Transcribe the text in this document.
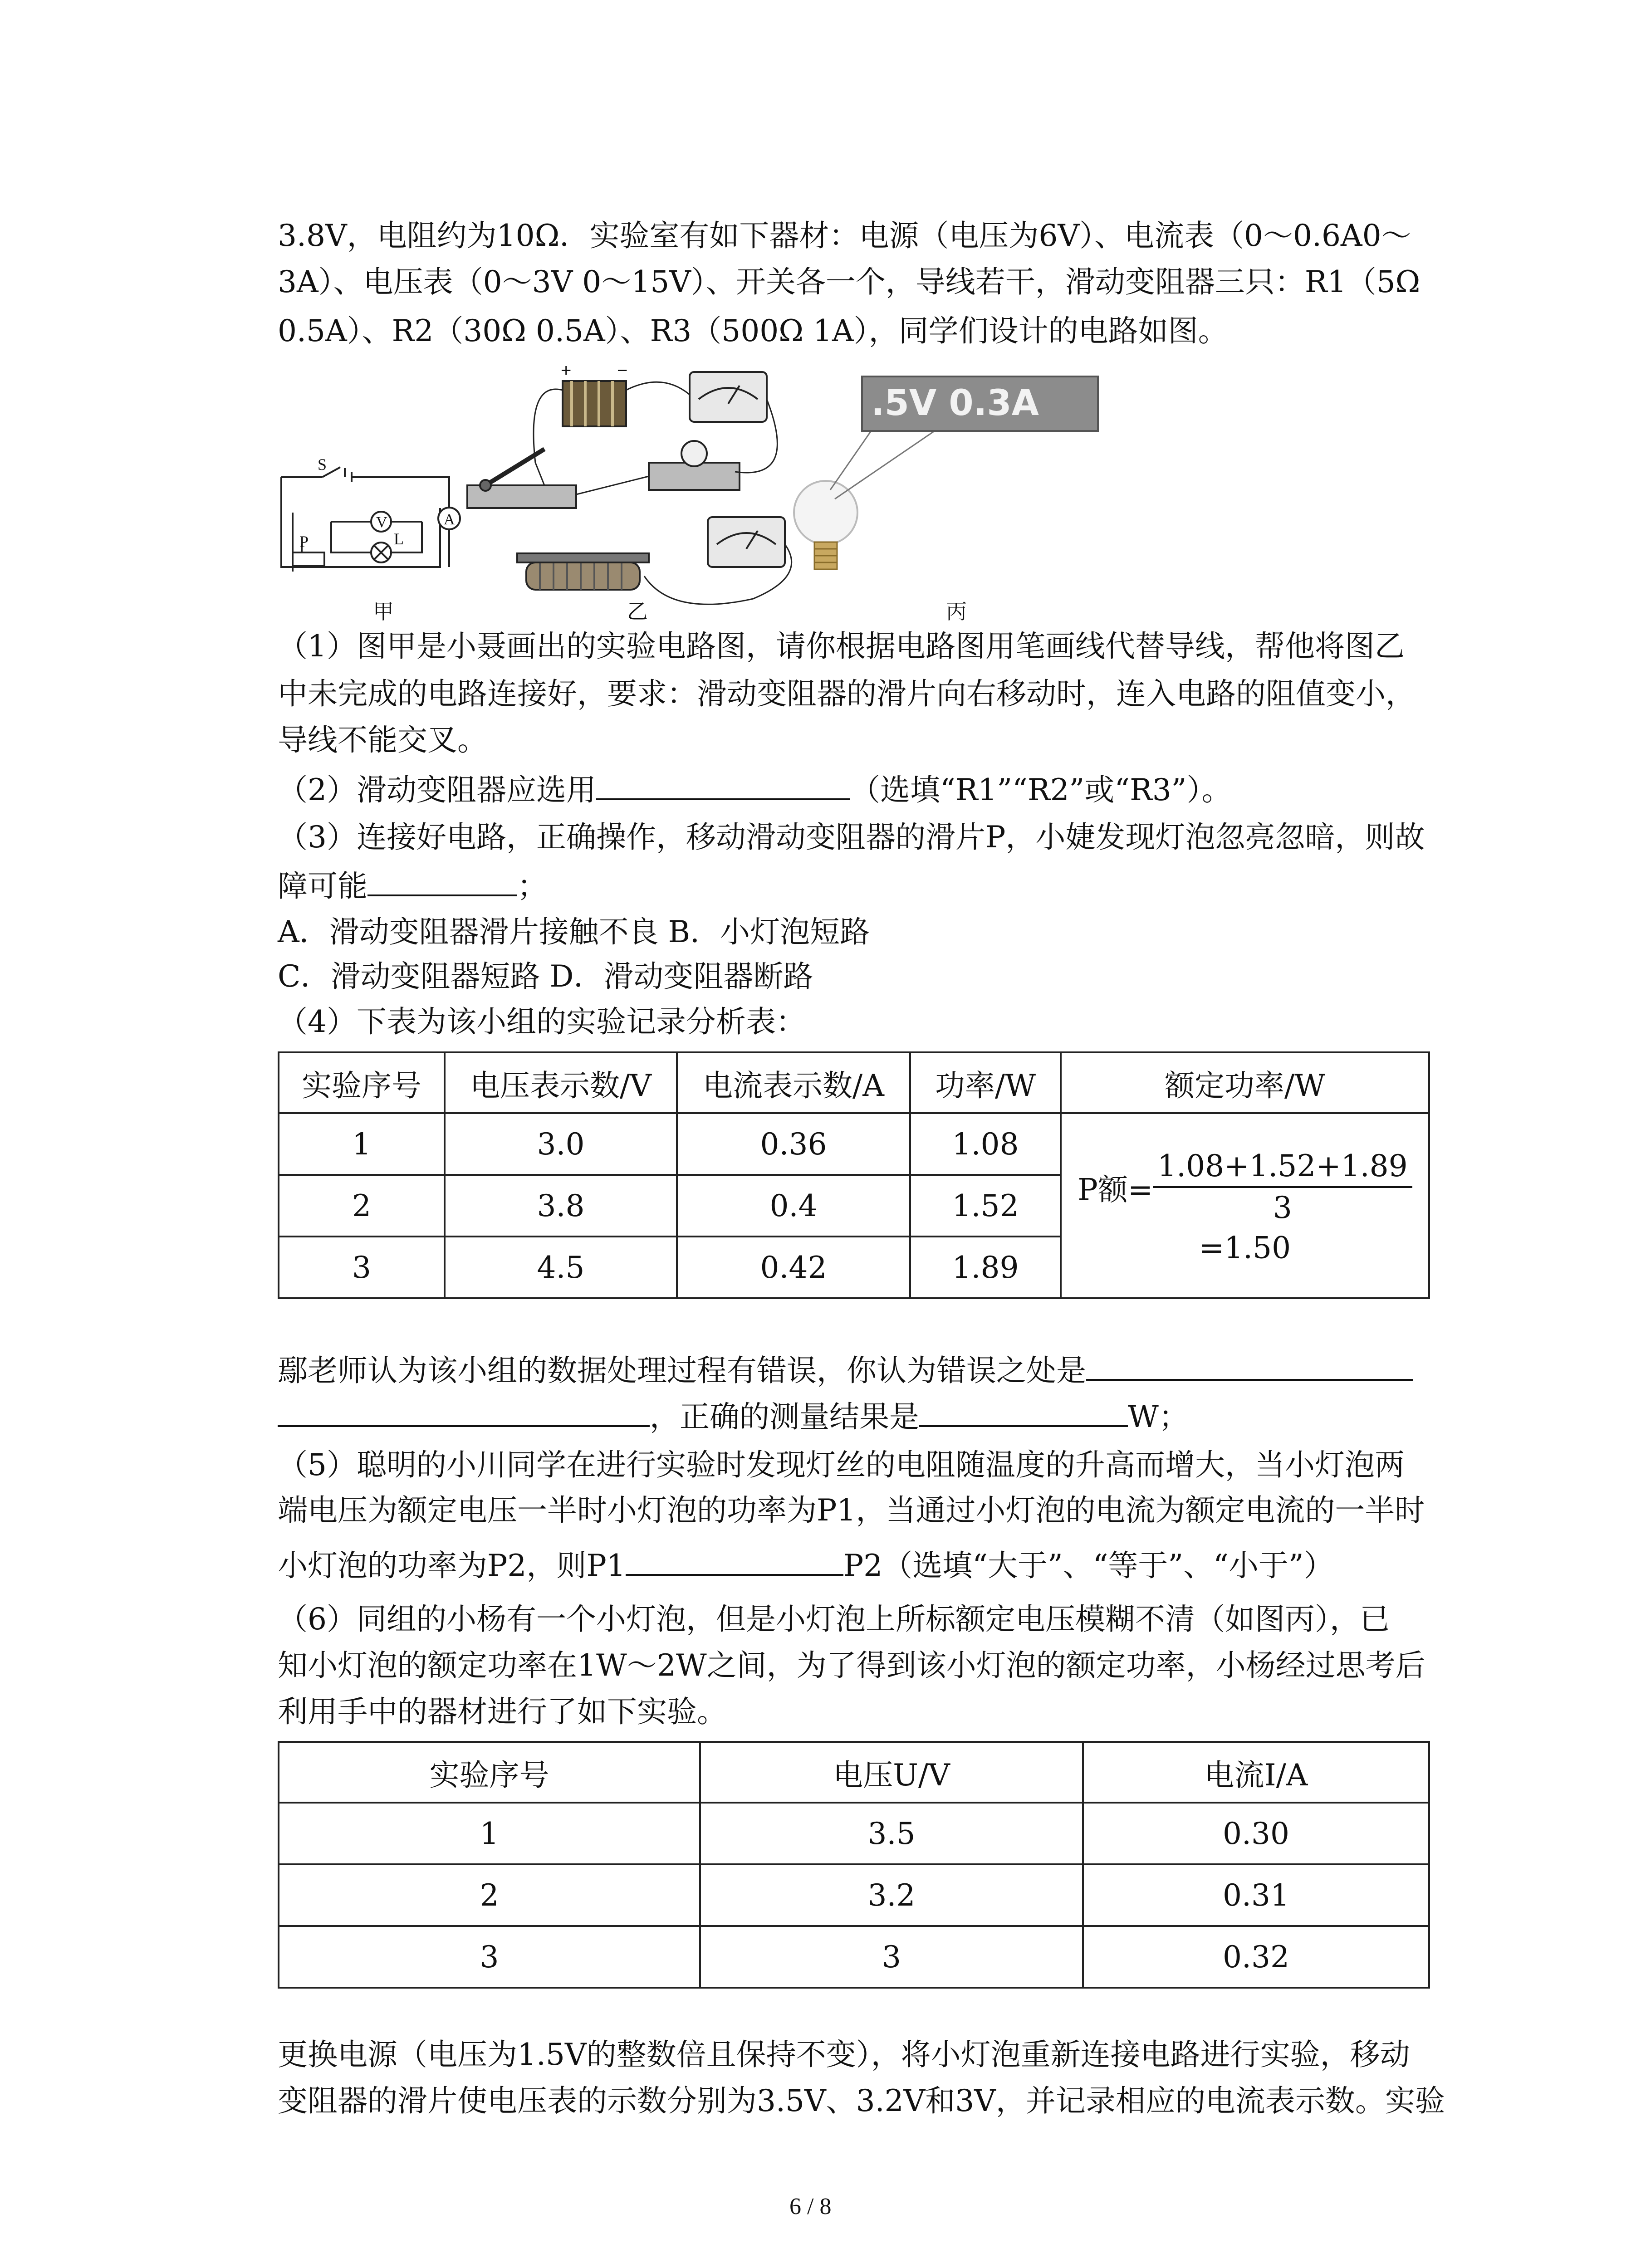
3.8V，电阻约为10Ω．实验室有如下器材：电源（电压为6V）、电流表（0～0.6A0～
3A）、电压表（0～3V 0～15V）、开关各一个，导线若干，滑动变阻器三只：R1（5Ω
0.5A）、R2（30Ω 0.5A）、R3（500Ω 1A），同学们设计的电路如图。
S
P	L
V	A
+	−
.5V 0.3A
甲	乙	丙
（1）图甲是小聂画出的实验电路图，请你根据电路图用笔画线代替导线，帮他将图乙
中未完成的电路连接好，要求：滑动变阻器的滑片向右移动时，连入电路的阻值变小，
导线不能交叉。
（2）滑动变阻器应选用	（选填“R1”“R2”或“R3”）。
（3）连接好电路，正确操作，移动滑动变阻器的滑片P，小婕发现灯泡忽亮忽暗，则故
障可能	；
A．滑动变阻器滑片接触不良 B．小灯泡短路
C．滑动变阻器短路 D．滑动变阻器断路
（4）下表为该小组的实验记录分析表：
实验序号	电压表示数/V	电流表示数/A	功率/W	额定功率/W
1	3.0	0.36	1.08	P额= $\frac{1.08+1.52+1.89}{3}$
=1.50
2	3.8	0.4	1.52	
3	4.5	0.42	1.89	
鄢老师认为该小组的数据处理过程有错误，你认为错误之处是
，正确的测量结果是	W；
（5）聪明的小川同学在进行实验时发现灯丝的电阻随温度的升高而增大，当小灯泡两
端电压为额定电压一半时小灯泡的功率为P1，当通过小灯泡的电流为额定电流的一半时
小灯泡的功率为P2，则P1	P2（选填“大于”、“等于”、“小于”）
（6）同组的小杨有一个小灯泡，但是小灯泡上所标额定电压模糊不清（如图丙），已
知小灯泡的额定功率在1W～2W之间，为了得到该小灯泡的额定功率，小杨经过思考后
利用手中的器材进行了如下实验。
实验序号	电压U/V	电流I/A
1	3.5	0.30
2	3.2	0.31
3	3	0.32
更换电源（电压为1.5V的整数倍且保持不变），将小灯泡重新连接电路进行实验，移动
变阻器的滑片使电压表的示数分别为3.5V、3.2V和3V，并记录相应的电流表示数。实验
6 / 8
